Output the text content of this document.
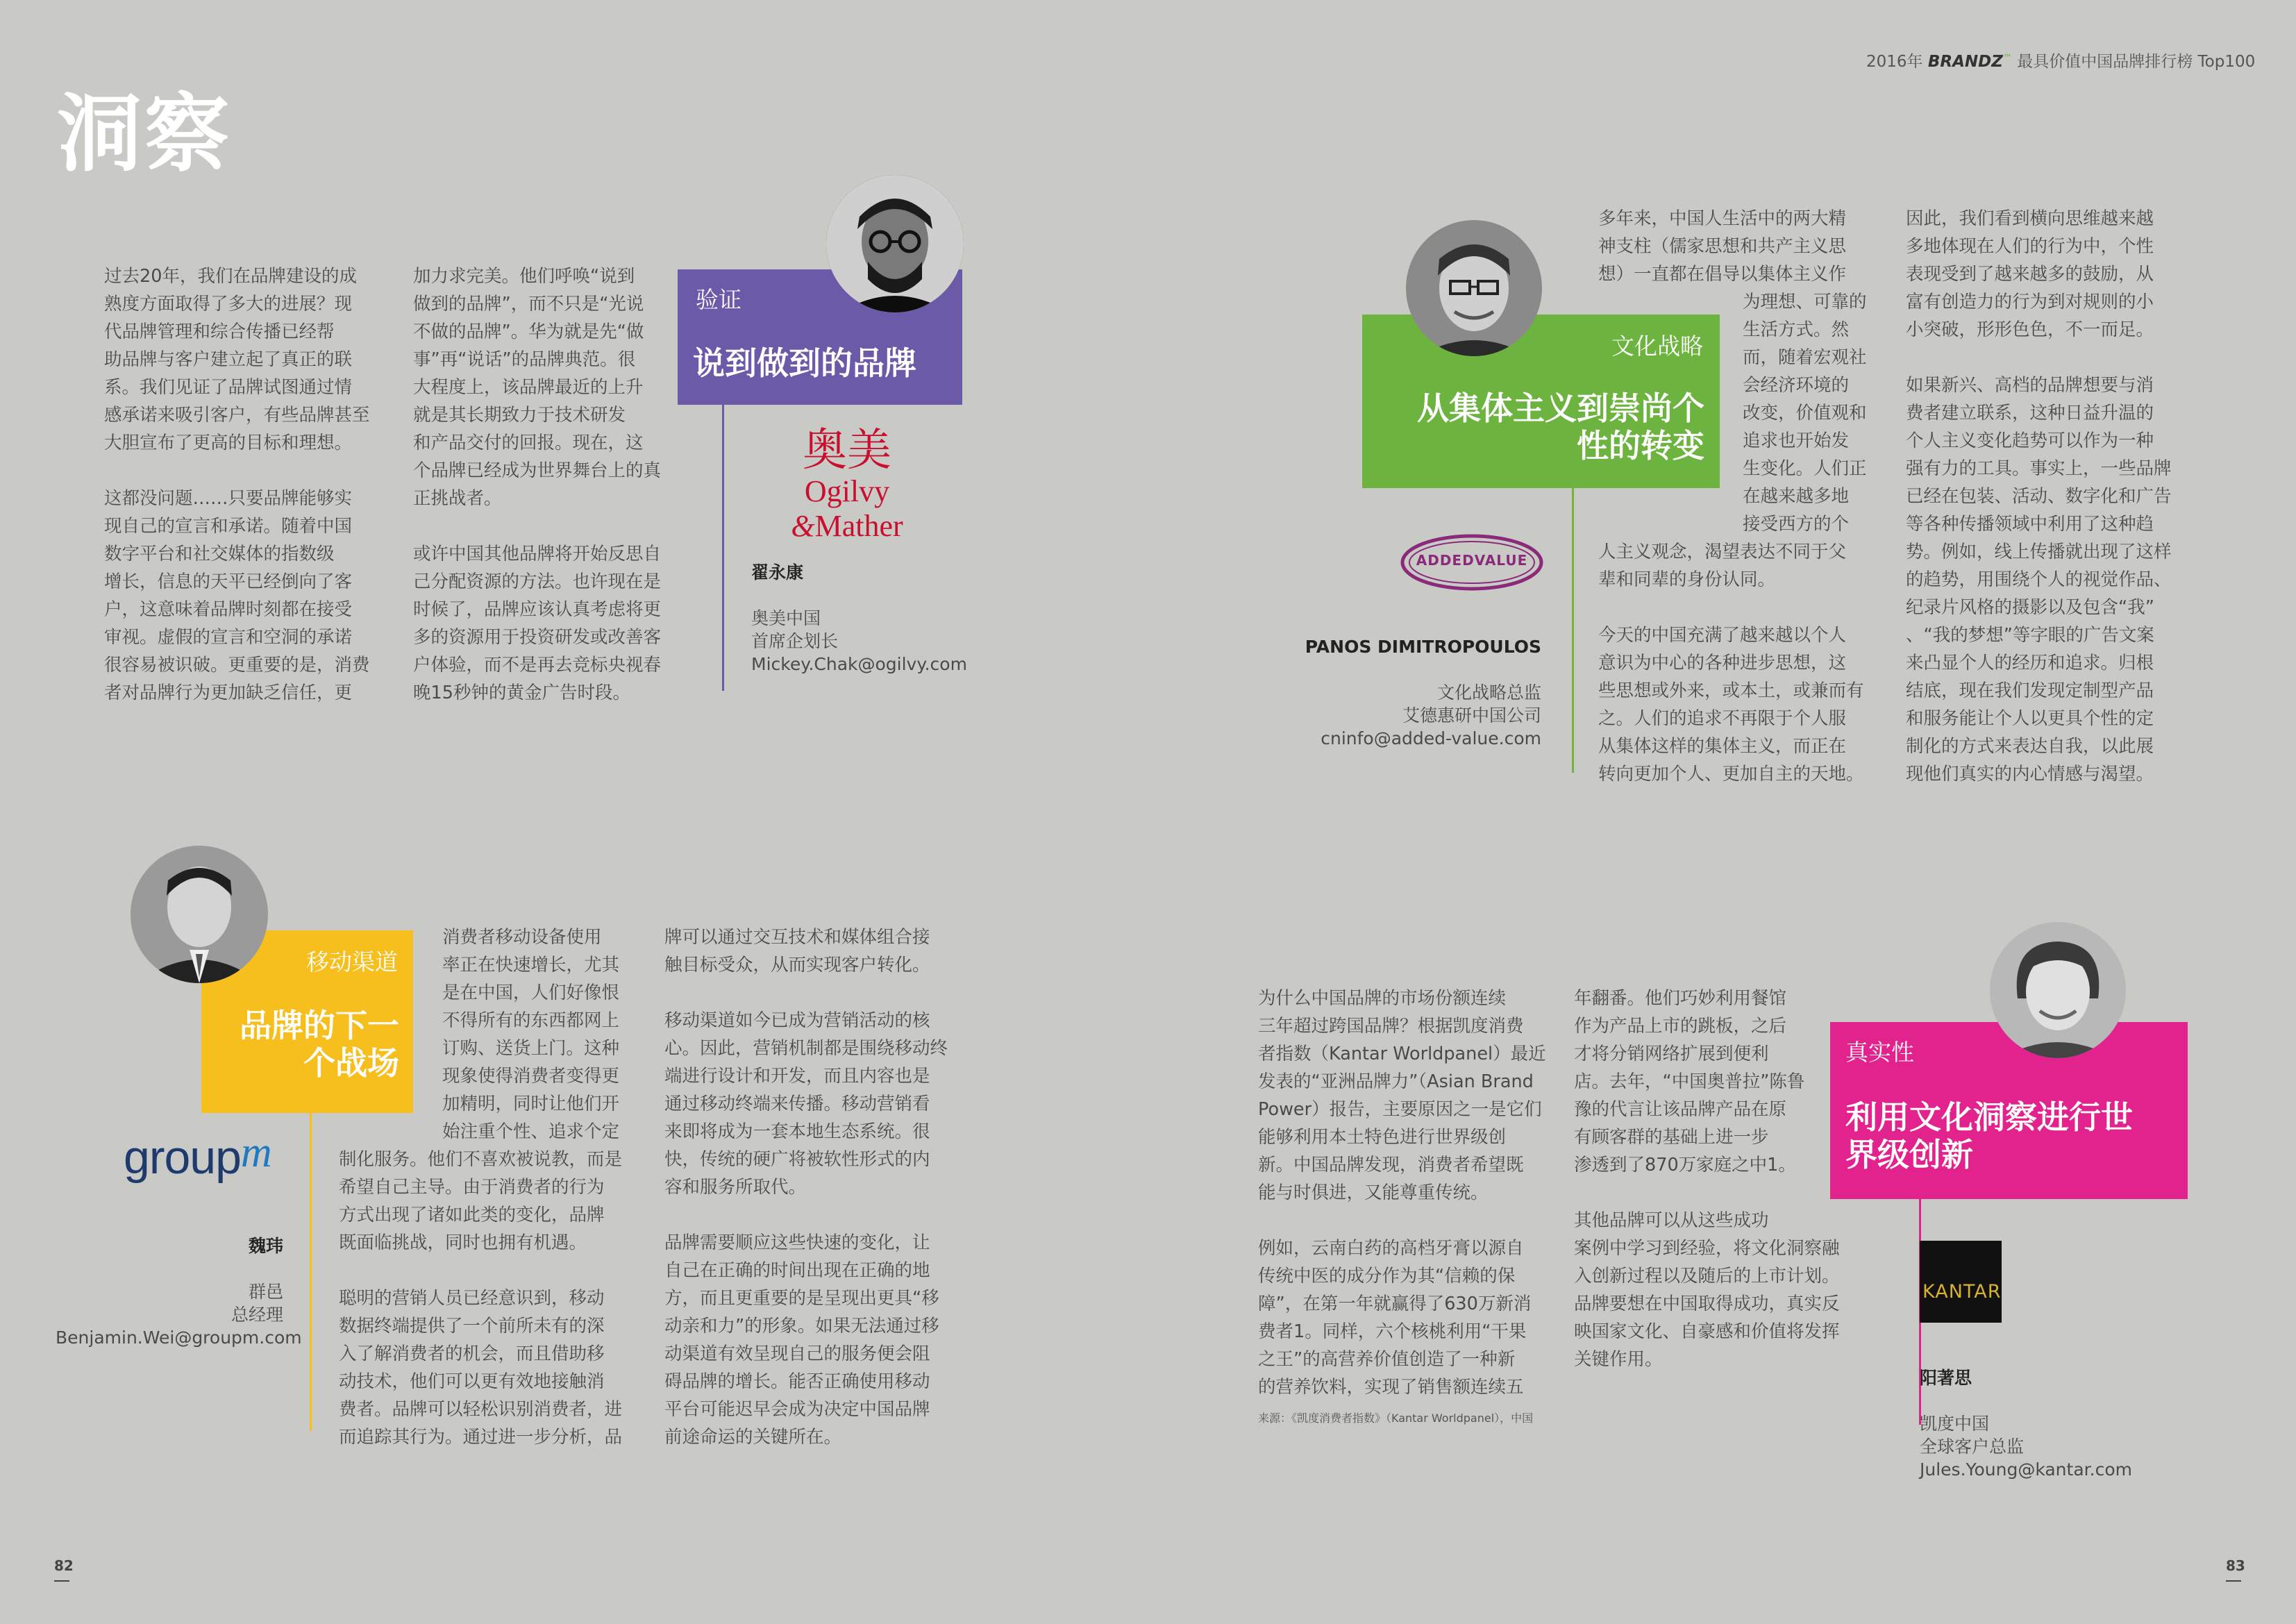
2016年 BRANDZ™ 最具价值中国品牌排行榜 Top100
洞察

过去20年，我们在品牌建设的成
熟度方面取得了多大的进展？现
代品牌管理和综合传播已经帮
助品牌与客户建立起了真正的联
系。我们见证了品牌试图通过情
感承诺来吸引客户，有些品牌甚至
大胆宣布了更高的目标和理想。

这都没问题……只要品牌能够实
现自己的宣言和承诺。随着中国
数字平台和社交媒体的指数级
增长，信息的天平已经倒向了客
户，这意味着品牌时刻都在接受
审视。虚假的宣言和空洞的承诺
很容易被识破。更重要的是，消费
者对品牌行为更加缺乏信任，更

加力求完美。他们呼唤“说到
做到的品牌”，而不只是“光说
不做的品牌”。华为就是先“做
事”再“说话”的品牌典范。很
大程度上，该品牌最近的上升
就是其长期致力于技术研发
和产品交付的回报。现在，这
个品牌已经成为世界舞台上的真
正挑战者。

或许中国其他品牌将开始反思自
己分配资源的方法。也许现在是
时候了，品牌应该认真考虑将更
多的资源用于投资研发或改善客
户体验，而不是再去竞标央视春
晚15秒钟的黄金广告时段。

验证
说到做到的品牌
奥美
Ogilvy &Mather

翟永康

奥美中国
首席企划长
Mickey.Chak@ogilvy.com

文化战略
从集体主义到崇尚个
性的转变
ADDEDVALUE

PANOS DIMITROPOULOS

文化战略总监
艾德惠研中国公司
cninfo@added-value.com

多年来，中国人生活中的两大精
神支柱（儒家思想和共产主义思
想）一直都在倡导以集体主义作

为理想、可靠的
生活方式。然
而，随着宏观社
会经济环境的
改变，价值观和
追求也开始发
生变化。人们正
在越来越多地
接受西方的个

人主义观念，渴望表达不同于父
辈和同辈的身份认同。

今天的中国充满了越来越以个人
意识为中心的各种进步思想，这
些思想或外来，或本土，或兼而有
之。人们的追求不再限于个人服
从集体这样的集体主义，而正在
转向更加个人、更加自主的天地。

因此，我们看到横向思维越来越
多地体现在人们的行为中，个性
表现受到了越来越多的鼓励，从
富有创造力的行为到对规则的小
小突破，形形色色，不一而足。

如果新兴、高档的品牌想要与消
费者建立联系，这种日益升温的
个人主义变化趋势可以作为一种
强有力的工具。事实上，一些品牌
已经在包装、活动、数字化和广告
等各种传播领域中利用了这种趋
势。例如，线上传播就出现了这样
的趋势，用围绕个人的视觉作品、
纪录片风格的摄影以及包含“我”
、“我的梦想”等字眼的广告文案
来凸显个人的经历和追求。归根
结底，现在我们发现定制型产品
和服务能让个人以更具个性的定
制化的方式来表达自我，以此展
现他们真实的内心情感与渴望。

移动渠道
品牌的下一
个战场
groupm

魏玮

群邑
总经理
Benjamin.Wei@groupm.com

消费者移动设备使用
率正在快速增长，尤其
是在中国，人们好像恨
不得所有的东西都网上
订购、送货上门。这种
现象使得消费者变得更
加精明，同时让他们开
始注重个性、追求个定

制化服务。他们不喜欢被说教，而是
希望自己主导。由于消费者的行为
方式出现了诸如此类的变化，品牌
既面临挑战，同时也拥有机遇。

聪明的营销人员已经意识到，移动
数据终端提供了一个前所未有的深
入了解消费者的机会，而且借助移
动技术，他们可以更有效地接触消
费者。品牌可以轻松识别消费者，进
而追踪其行为。通过进一步分析，品

牌可以通过交互技术和媒体组合接
触目标受众，从而实现客户转化。

移动渠道如今已成为营销活动的核
心。因此，营销机制都是围绕移动终
端进行设计和开发，而且内容也是
通过移动终端来传播。移动营销看
来即将成为一套本地生态系统。很
快，传统的硬广将被软性形式的内
容和服务所取代。

品牌需要顺应这些快速的变化，让
自己在正确的时间出现在正确的地
方，而且更重要的是呈现出更具“移
动亲和力”的形象。如果无法通过移
动渠道有效呈现自己的服务便会阻
碍品牌的增长。能否正确使用移动
平台可能迟早会成为决定中国品牌
前途命运的关键所在。

为什么中国品牌的市场份额连续
三年超过跨国品牌？根据凯度消费
者指数（Kantar Worldpanel）最近
发表的“亚洲品牌力”（Asian Brand
Power）报告，主要原因之一是它们
能够利用本土特色进行世界级创
新。中国品牌发现，消费者希望既
能与时俱进，又能尊重传统。

例如，云南白药的高档牙膏以源自
传统中医的成分作为其“信赖的保
障”，在第一年就赢得了630万新消
费者1。同样，六个核桃利用“干果
之王”的高营养价值创造了一种新
的营养饮料，实现了销售额连续五

来源：《凯度消费者指数》（Kantar Worldpanel），中国

年翻番。他们巧妙利用餐馆
作为产品上市的跳板，之后
才将分销网络扩展到便利
店。去年，“中国奥普拉”陈鲁
豫的代言让该品牌产品在原
有顾客群的基础上进一步
渗透到了870万家庭之中1。

其他品牌可以从这些成功
案例中学习到经验，将文化洞察融
入创新过程以及随后的上市计划。
品牌要想在中国取得成功，真实反
映国家文化、自豪感和价值将发挥
关键作用。

真实性
利用文化洞察进行世
界级创新
KANTAR

阳著思

凯度中国
全球客户总监
Jules.Young@kantar.com

82	83
